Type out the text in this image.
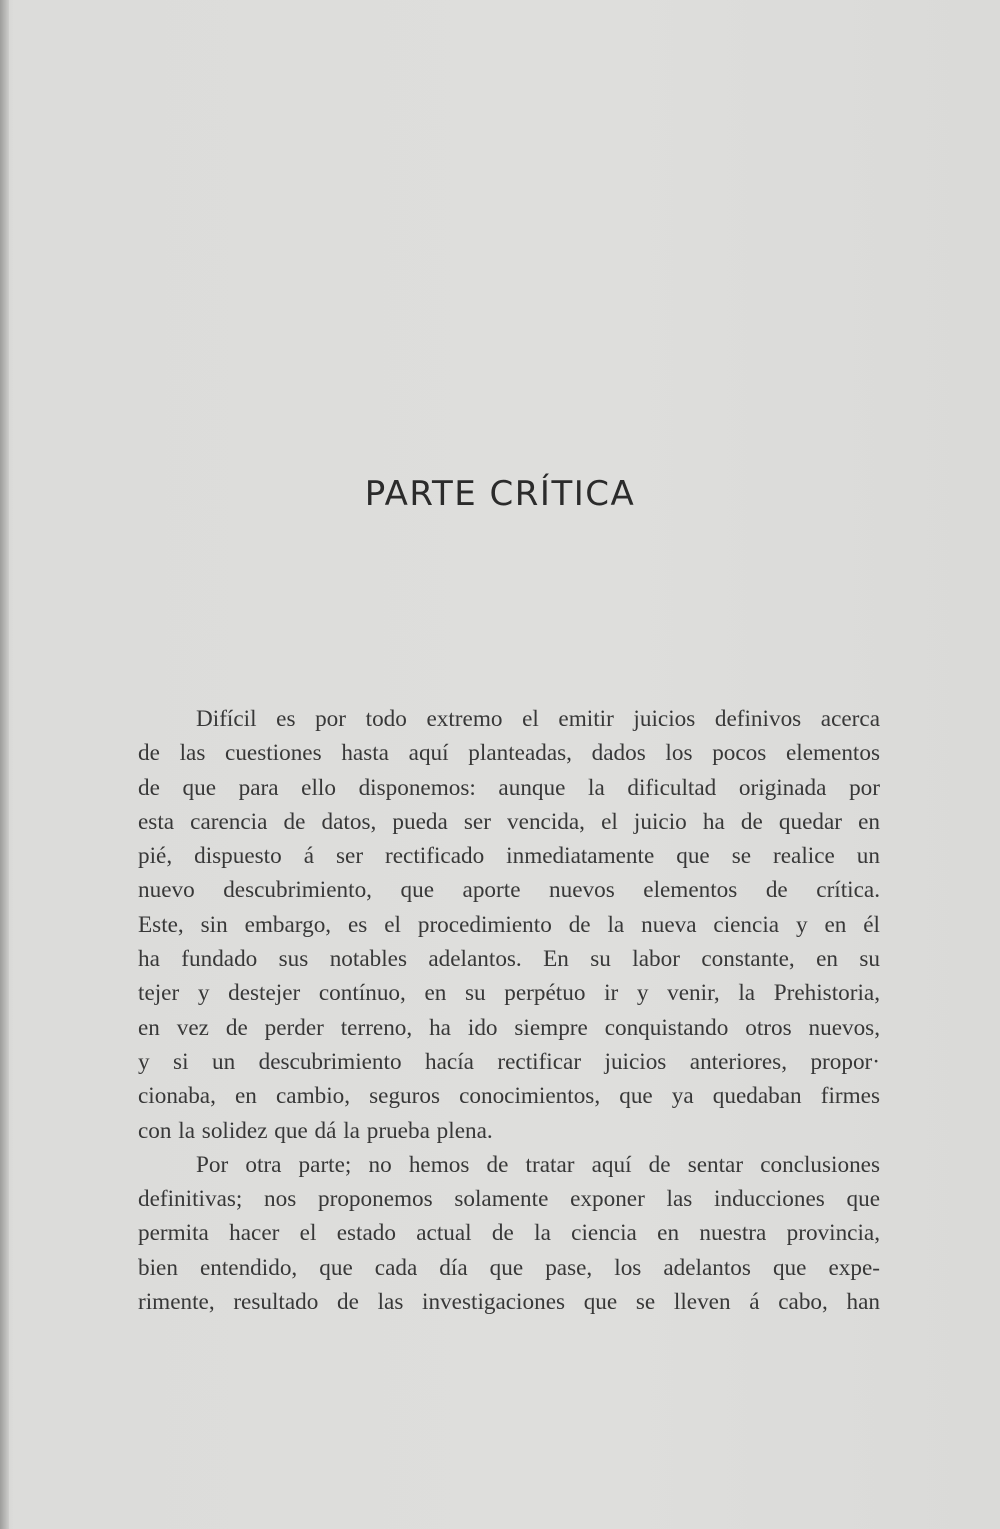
PARTE CRÍTICA

Difícil es por todo extremo el emitir juicios definivos acerca
de las cuestiones hasta aquí planteadas, dados los pocos elementos
de que para ello disponemos: aunque la dificultad originada por
esta carencia de datos, pueda ser vencida, el juicio ha de quedar en
pié, dispuesto á ser rectificado inmediatamente que se realice un
nuevo descubrimiento, que aporte nuevos elementos de crítica.
Este, sin embargo, es el procedimiento de la nueva ciencia y en él
ha fundado sus notables adelantos. En su labor constante, en su
tejer y destejer contínuo, en su perpétuo ir y venir, la Prehistoria,
en vez de perder terreno, ha ido siempre conquistando otros nuevos,
y si un descubrimiento hacía rectificar juicios anteriores, propor·
cionaba, en cambio, seguros conocimientos, que ya quedaban firmes
con la solidez que dá la prueba plena.

Por otra parte; no hemos de tratar aquí de sentar conclusiones
definitivas; nos proponemos solamente exponer las inducciones que
permita hacer el estado actual de la ciencia en nuestra provincia,
bien entendido, que cada día que pase, los adelantos que expe-
rimente, resultado de las investigaciones que se lleven á cabo, han
